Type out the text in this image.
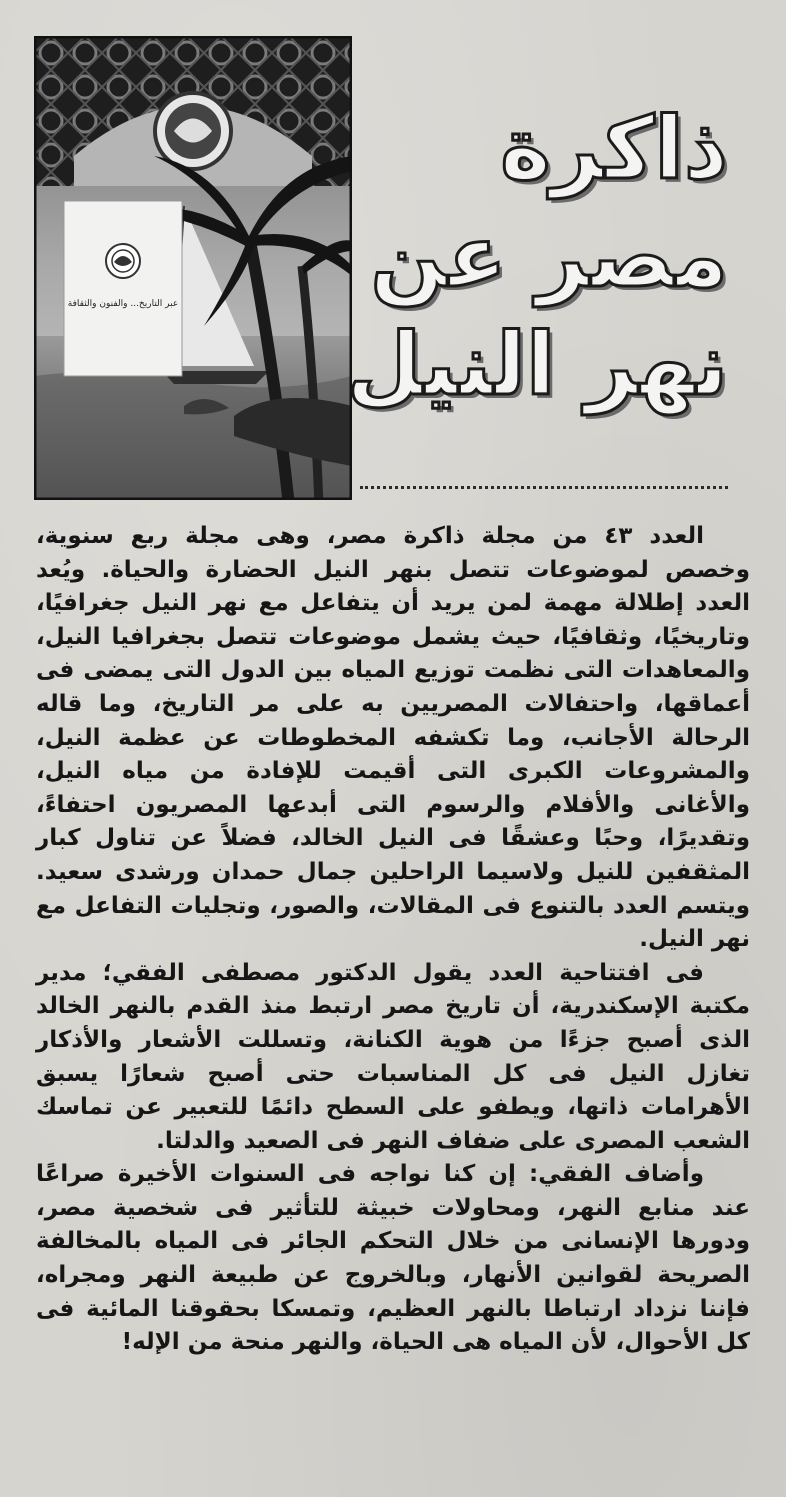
عبر التاريخ... والفنون والثقافة
ذاكرة
مصر عن
نهر النيل

العدد ٤٣ من مجلة ذاكرة مصر، وهى مجلة ربع سنوية، وخصص لموضوعات تتصل بنهر النيل الحضارة والحياة. ويُعد العدد إطلالة مهمة لمن يريد أن يتفاعل مع نهر النيل جغرافيًا، وتاريخيًا، وثقافيًا، حيث يشمل موضوعات تتصل بجغرافيا النيل، والمعاهدات التى نظمت توزيع المياه بين الدول التى يمضى فى أعماقها، واحتفالات المصريين به على مر التاريخ، وما قاله الرحالة الأجانب، وما تكشفه المخطوطات عن عظمة النيل، والمشروعات الكبرى التى أقيمت للإفادة من مياه النيل، والأغانى والأفلام والرسوم التى أبدعها المصريون احتفاءً، وتقديرًا، وحبًا وعشقًا فى النيل الخالد، فضلاً عن تناول كبار المثقفين للنيل ولاسيما الراحلين جمال حمدان ورشدى سعيد. ويتسم العدد بالتنوع فى المقالات، والصور، وتجليات التفاعل مع نهر النيل.

فى افتتاحية العدد يقول الدكتور مصطفى الفقي؛ مدير مكتبة الإسكندرية، أن تاريخ مصر ارتبط منذ القدم بالنهر الخالد الذى أصبح جزءًا من هوية الكنانة، وتسللت الأشعار والأذكار تغازل النيل فى كل المناسبات حتى أصبح شعارًا يسبق الأهرامات ذاتها، ويطفو على السطح دائمًا للتعبير عن تماسك الشعب المصرى على ضفاف النهر فى الصعيد والدلتا.

وأضاف الفقي: إن كنا نواجه فى السنوات الأخيرة صراعًا عند منابع النهر، ومحاولات خبيثة للتأثير فى شخصية مصر، ودورها الإنسانى من خلال التحكم الجائر فى المياه بالمخالفة الصريحة لقوانين الأنهار، وبالخروج عن طبيعة النهر ومجراه، فإننا نزداد ارتباطا بالنهر العظيم، وتمسكا بحقوقنا المائية فى كل الأحوال، لأن المياه هى الحياة، والنهر منحة من الإله!
